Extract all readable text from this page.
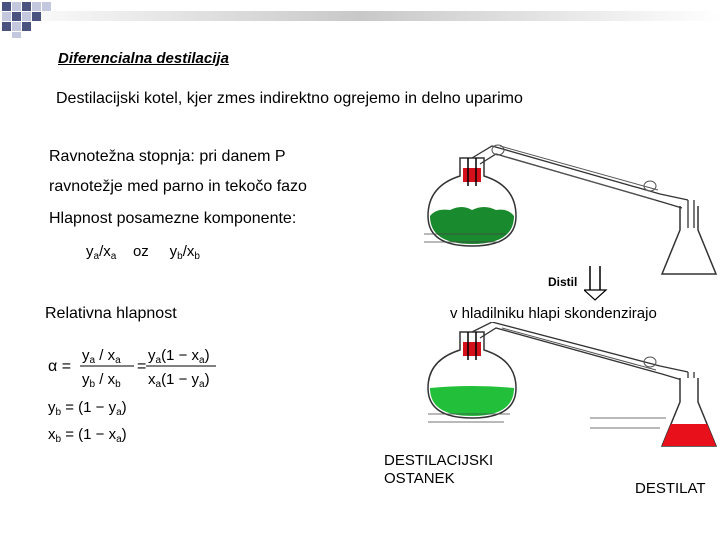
Diferencialna destilacija
Destilacijski kotel, kjer zmes indirektno ogrejemo in delno uparimo
Ravnotežna stopnja: pri danem P
ravnotežje med parno in tekočo fazo
Hlapnost posamezne komponente:
$y_a/x_a$ oz $y_b/x_b$
Relativna hlapnost
α =
$y_a / x_a$
$y_b / x_b$
=
$y_a(1 - x_a)$
$x_a(1 - y_a)$
$y_b = (1 - y_a)$
$x_b = (1 - x_a)$
Distil
v hladilniku hlapi skondenzirajo
DESTILACIJSKI
OSTANEK
DESTILAT
